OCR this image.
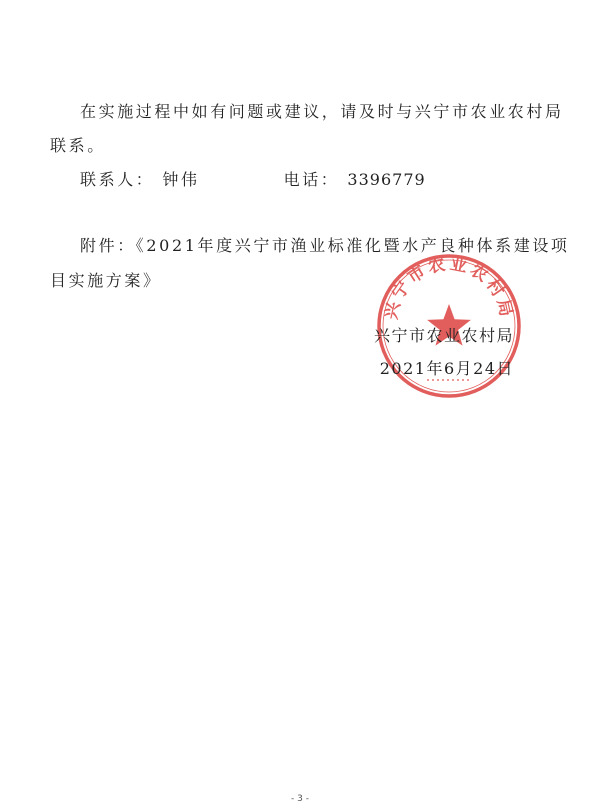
在实施过程中如有问题或建议，请及时与兴宁市农业农村局
联系。
联系人： 钟伟	电话： 3396779
附件：《2021年度兴宁市渔业标准化暨水产良种体系建设项
目实施方案》
兴宁市农业农村局
兴宁市农业农村局
2021年6月24日
- 3 -
